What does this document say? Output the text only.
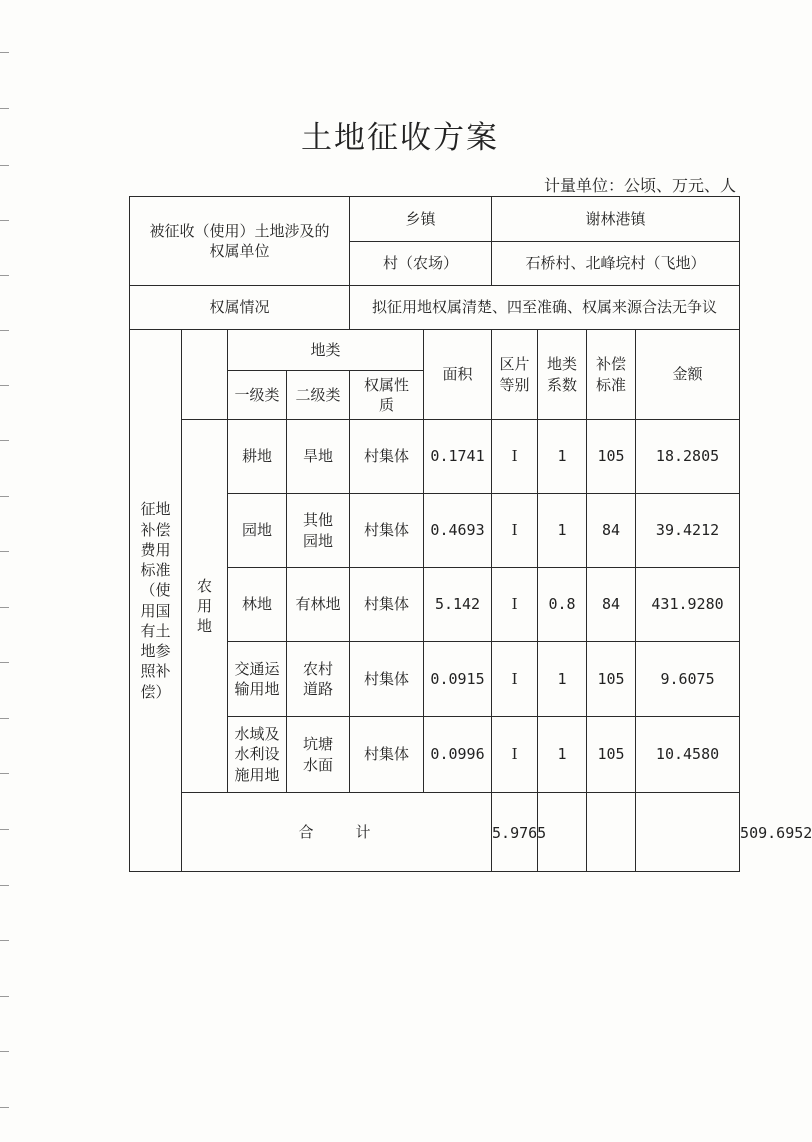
土地征收方案
计量单位：公顷、万元、人
被征收（使用）土地涉及的权属单位				乡镇		谢林港镇				
				村（农场）		石桥村、北峰垸村（飞地）				
权属情况				拟征用地权属清楚、四至准确、权属来源合法无争议						
征地补偿费用标准（使用国有土地参照补偿）		地类			面积	区片等别	地类系数	补偿标准	金额	
		一级类	二级类	权属性质						
	农用地	耕地	旱地	村集体	0.1741	Ⅰ	1	105	18.2805	
		园地	其他园地	村集体	0.4693	Ⅰ	1	84	39.4212	
		林地	有林地	村集体	5.142	Ⅰ	0.8	84	431.9280	
		交通运输用地	农村道路	村集体	0.0915	Ⅰ	1	105	9.6075	
		水域及水利设施用地	坑塘水面	村集体	0.0996	Ⅰ	1	105	10.4580	
	合　　计					5.9765				509.6952
